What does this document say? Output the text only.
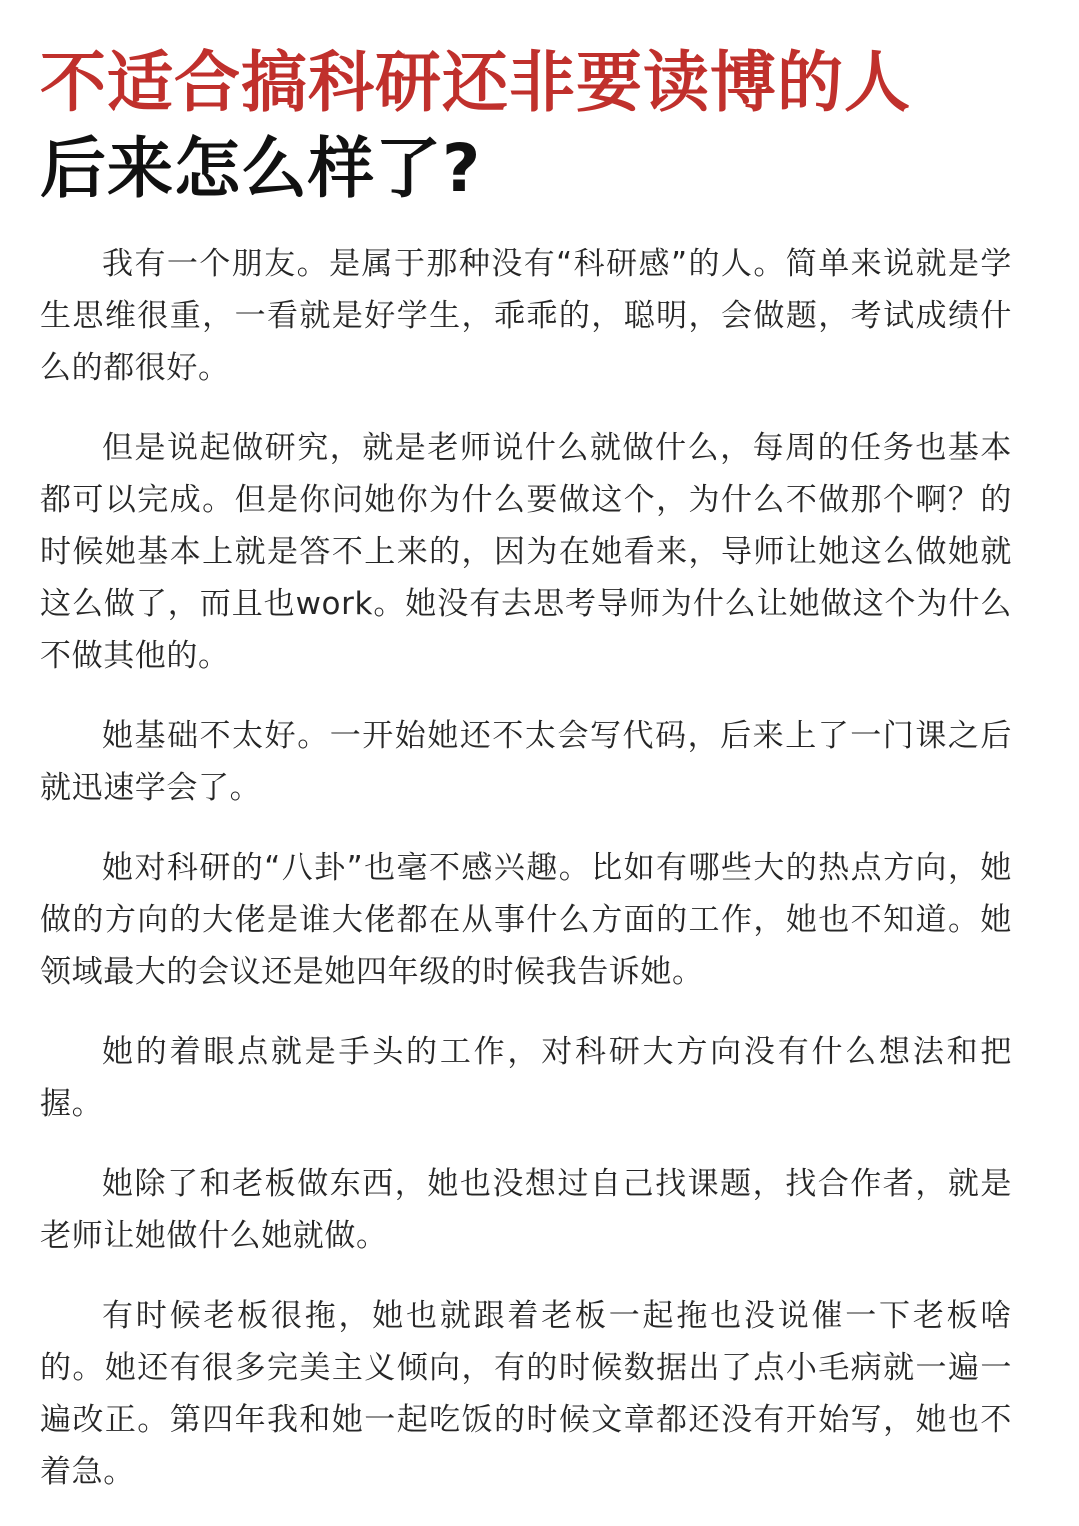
不适合搞科研还非要读博的人
后来怎么样了?

我有一个朋友。是属于那种没有“科研感”的人。简单来说就是学生思维很重，一看就是好学生，乖乖的，聪明，会做题，考试成绩什么的都很好。

但是说起做研究，就是老师说什么就做什么，每周的任务也基本都可以完成。但是你问她你为什么要做这个，为什么不做那个啊？的时候她基本上就是答不上来的，因为在她看来，导师让她这么做她就这么做了，而且也work。她没有去思考导师为什么让她做这个为什么不做其他的。

她基础不太好。一开始她还不太会写代码，后来上了一门课之后就迅速学会了。

她对科研的“八卦”也毫不感兴趣。比如有哪些大的热点方向，她做的方向的大佬是谁大佬都在从事什么方面的工作，她也不知道。她领域最大的会议还是她四年级的时候我告诉她。

她的着眼点就是手头的工作，对科研大方向没有什么想法和把握。

她除了和老板做东西，她也没想过自己找课题，找合作者，就是老师让她做什么她就做。

有时候老板很拖，她也就跟着老板一起拖也没说催一下老板啥的。她还有很多完美主义倾向，有的时候数据出了点小毛病就一遍一遍改正。第四年我和她一起吃饭的时候文章都还没有开始写，她也不着急。
